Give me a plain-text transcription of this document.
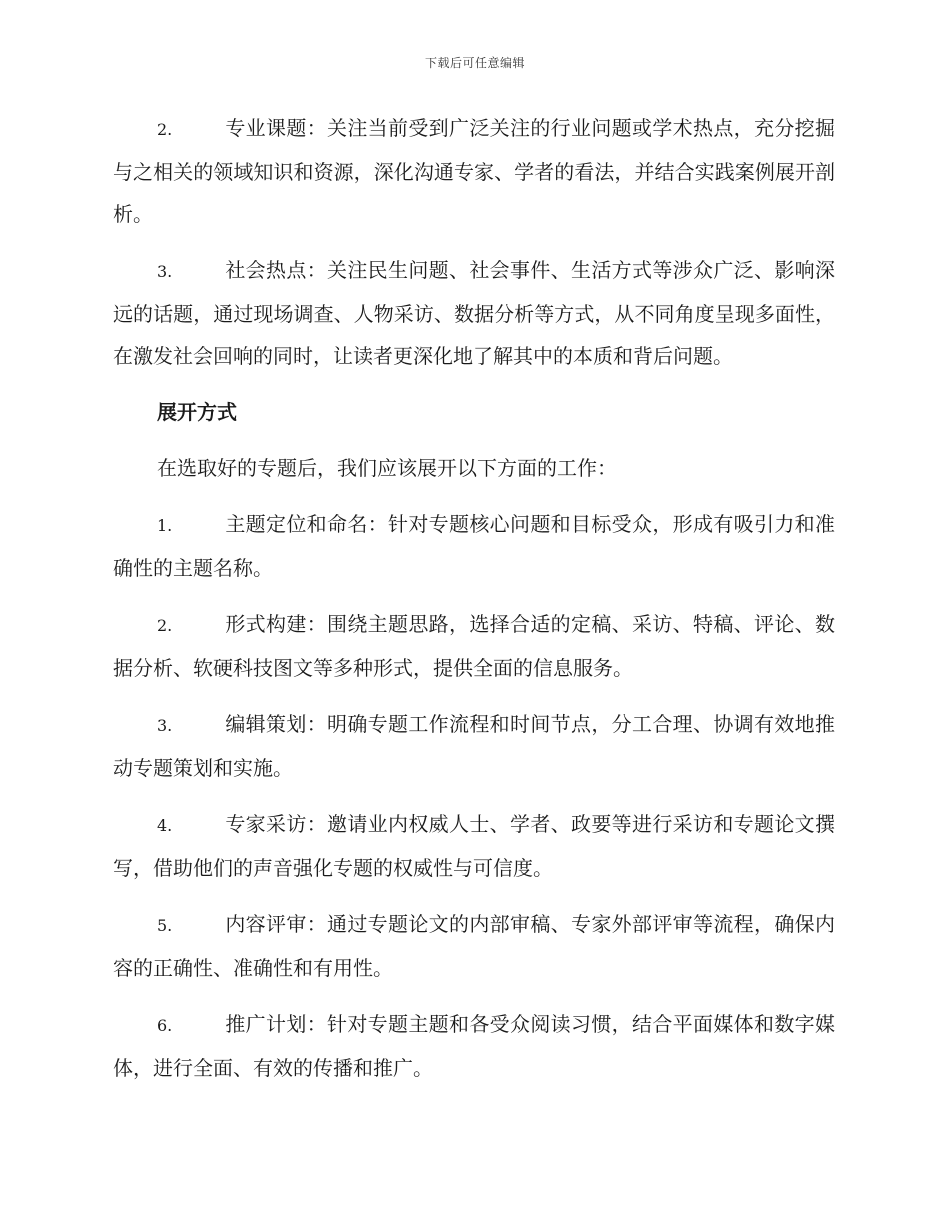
下载后可任意编辑

2.	专业课题：关注当前受到广泛关注的行业问题或学术热点，充分挖掘与之相关的领域知识和资源，深化沟通专家、学者的看法，并结合实践案例展开剖析。

3.	社会热点：关注民生问题、社会事件、生活方式等涉众广泛、影响深远的话题，通过现场调查、人物采访、数据分析等方式，从不同角度呈现多面性，在激发社会回响的同时，让读者更深化地了解其中的本质和背后问题。

展开方式

在选取好的专题后，我们应该展开以下方面的工作：

1.	主题定位和命名：针对专题核心问题和目标受众，形成有吸引力和准确性的主题名称。

2.	形式构建：围绕主题思路，选择合适的定稿、采访、特稿、评论、数据分析、软硬科技图文等多种形式，提供全面的信息服务。

3.	编辑策划：明确专题工作流程和时间节点，分工合理、协调有效地推动专题策划和实施。

4.	专家采访：邀请业内权威人士、学者、政要等进行采访和专题论文撰写，借助他们的声音强化专题的权威性与可信度。

5.	内容评审：通过专题论文的内部审稿、专家外部评审等流程，确保内容的正确性、准确性和有用性。

6.	推广计划：针对专题主题和各受众阅读习惯，结合平面媒体和数字媒体，进行全面、有效的传播和推广。
